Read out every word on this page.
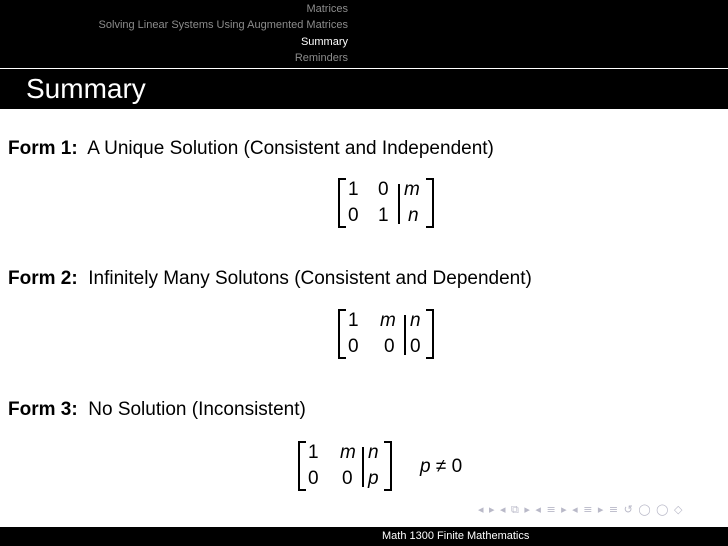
Matrices
Solving Linear Systems Using Augmented Matrices
Summary
Reminders
Summary
Form 1: A Unique Solution (Consistent and Independent)
1 0 m
0 1 n
Form 2: Infinitely Many Solutons (Consistent and Dependent)
1 m n
0 0 0
Form 3: No Solution (Inconsistent)
1 m n
0 0 p
p ≠ 0
◂ ▸ ◂ ⧉ ▸ ◂ ≡ ▸ ◂ ≡ ▸ ≡ ↺ ◯ ◯ ◇
Math 1300 Finite Mathematics
